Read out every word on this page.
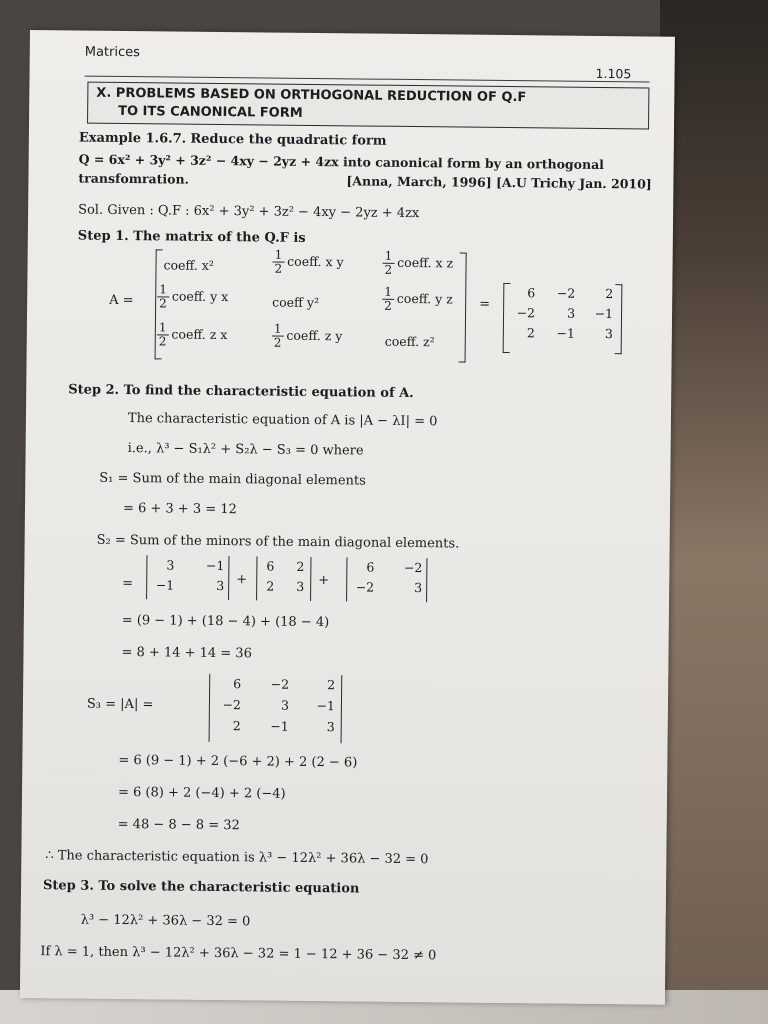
Matrices
1.105
X. PROBLEMS BASED ON ORTHOGONAL REDUCTION OF Q.F
TO ITS CANONICAL FORM
Example 1.6.7. Reduce the quadratic form
Q = 6x² + 3y² + 3z² − 4xy − 2yz + 4zx into canonical form by an orthogonal
transfomration.	[Anna, March, 1996] [A.U Trichy Jan. 2010]
Sol. Given : Q.F : 6x² + 3y² + 3z² − 4xy − 2yz + 4zx
Step 1. The matrix of the Q.F is
A =
coeff. x²	$\frac{1}{2}$ coeff. x y	$\frac{1}{2}$ coeff. x z
$\frac{1}{2}$ coeff. y x	coeff y²	$\frac{1}{2}$ coeff. y z
$\frac{1}{2}$ coeff. z x	$\frac{1}{2}$ coeff. z y	coeff. z²
=
6	−2	2
−2	3	−1
2	−1	3
Step 2. To find the characteristic equation of A.
The characteristic equation of A is |A − λI| = 0
i.e., λ³ − S₁λ² + S₂λ − S₃ = 0 where
S₁ = Sum of the main diagonal elements
= 6 + 3 + 3 = 12
S₂ = Sum of the minors of the main diagonal elements.
=
3	−1
−1	3 +
6	2
2	3 +
6	−2
−2	3
= (9 − 1) + (18 − 4) + (18 − 4)
= 8 + 14 + 14 = 36
S₃ = |A| =
6	−2	2
−2	3	−1
2	−1	3
= 6 (9 − 1) + 2 (−6 + 2) + 2 (2 − 6)
= 6 (8) + 2 (−4) + 2 (−4)
= 48 − 8 − 8 = 32
∴ The characteristic equation is λ³ − 12λ² + 36λ − 32 = 0
Step 3. To solve the characteristic equation
λ³ − 12λ² + 36λ − 32 = 0
If λ = 1, then λ³ − 12λ² + 36λ − 32 = 1 − 12 + 36 − 32 ≠ 0
